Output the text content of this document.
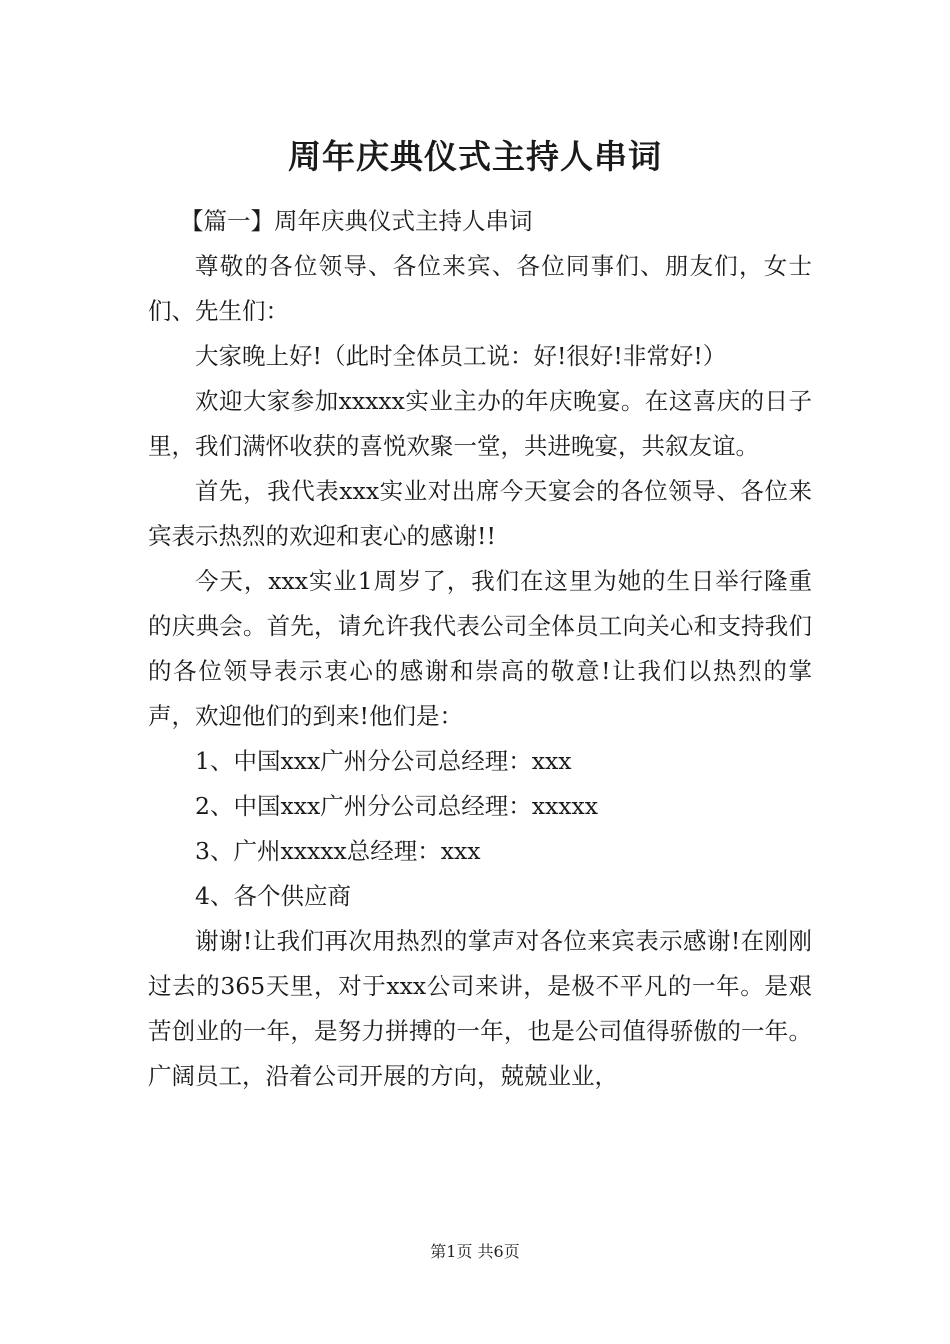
周年庆典仪式主持人串词

【篇一】周年庆典仪式主持人串词

尊敬的各位领导、各位来宾、各位同事们、朋友们，女士们、先生们：

大家晚上好!（此时全体员工说：好!很好!非常好!）

欢迎大家参加xxxxx实业主办的年庆晚宴。在这喜庆的日子里，我们满怀收获的喜悦欢聚一堂，共进晚宴，共叙友谊。

首先，我代表xxx实业对出席今天宴会的各位领导、各位来宾表示热烈的欢迎和衷心的感谢!!

今天，xxx实业1周岁了，我们在这里为她的生日举行隆重的庆典会。首先，请允许我代表公司全体员工向关心和支持我们的各位领导表示衷心的感谢和崇高的敬意!让我们以热烈的掌声，欢迎他们的到来!他们是：

1、中国xxx广州分公司总经理：xxx

2、中国xxx广州分公司总经理：xxxxx

3、广州xxxxx总经理：xxx

4、各个供应商

谢谢!让我们再次用热烈的掌声对各位来宾表示感谢!在刚刚过去的365天里，对于xxx公司来讲，是极不平凡的一年。是艰苦创业的一年，是努力拼搏的一年，也是公司值得骄傲的一年。广阔员工，沿着公司开展的方向，兢兢业业，

第1页 共6页
